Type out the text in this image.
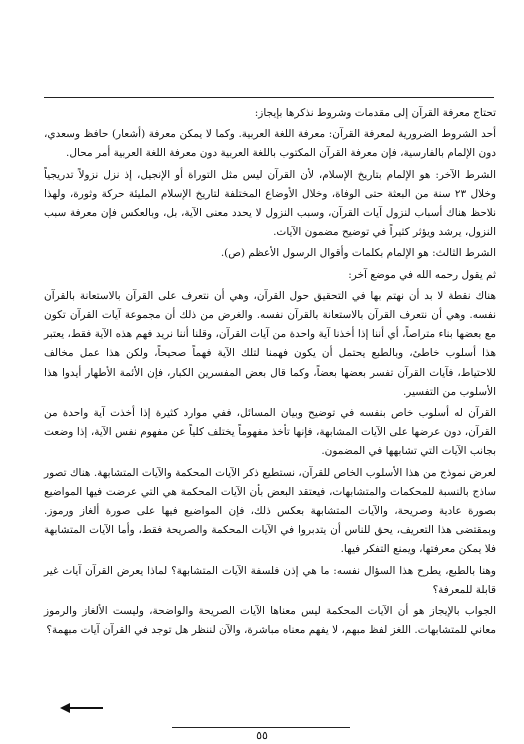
تحتاج معرفة القرآن إلى مقدمات وشروط نذكرها بإيجاز:

أحد الشروط الضرورية لمعرفة القرآن: معرفة اللغة العربية. وكما لا يمكن معرفة (أشعار) حافظ وسعدي، دون الإلمام بالفارسية، فإن معرفة القرآن المكتوب باللغة العربية دون معرفة اللغة العربية أمر محال.

الشرط الآخر: هو الإلمام بتاريخ الإسلام، لأن القرآن ليس مثل التوراة أو الإنجيل، إذ نزل نزولاً تدريجياً وخلال ٢٣ سنة من البعثة حتى الوفاة، وخلال الأوضاع المختلفة لتاريخ الإسلام المليئة حركة وثورة، ولهذا نلاحظ هناك أسباب لنزول آيات القرآن، وسبب النزول لا يحدد معنى الآية، بل، وبالعكس فإن معرفة سبب النزول، يرشد ويؤثر كثيراً في توضيح مضمون الآيات.

الشرط الثالث: هو الإلمام بكلمات وأقوال الرسول الأعظم (ص).

ثم يقول رحمه الله في موضع آخر:

هناك نقطة لا بد أن نهتم بها في التحقيق حول القرآن، وهي أن نتعرف على القرآن بالاستعانة بالقرآن نفسه. وهي أن نتعرف القرآن بالاستعانة بالقرآن نفسه. والغرض من ذلك أن مجموعة آيات القرآن تكون مع بعضها بناء متراصاً، أي أننا إذا أخذنا آية واحدة من آيات القرآن، وقلنا أننا نريد فهم هذه الآية فقط، يعتبر هذا أسلوب خاطئ، وبالطبع يحتمل أن يكون فهمنا لتلك الآية فهماً صحيحاً، ولكن هذا عمل مخالف للاحتياط، فآيات القرآن تفسر بعضها بعضاً، وكما قال بعض المفسرين الكبار، فإن الأئمة الأطهار أيدوا هذا الأسلوب من التفسير.

القرآن له أسلوب خاص بنفسه في توضيح وبيان المسائل، ففي موارد كثيرة إذا أخذت آية واحدة من القرآن، دون عرضها على الآيات المشابهة، فإنها تأخذ مفهوماً يختلف كلياً عن مفهوم نفس الآية، إذا وضعت بجانب الآيات التي تشابهها في المضمون.

لعرض نموذج من هذا الأسلوب الخاص للقرآن، نستطيع ذكر الآيات المحكمة والآيات المتشابهة. هناك تصور ساذج بالنسبة للمحكمات والمتشابهات، فيعتقد البعض بأن الآيات المحكمة هي التي عرضت فيها المواضيع بصورة عادية وصريحة، والآيات المتشابهة بعكس ذلك، فإن المواضيع فيها على صورة ألغاز ورموز. وبمقتضى هذا التعريف، يحق للناس أن يتدبروا في الآيات المحكمة والصريحة فقط، وأما الآيات المتشابهة فلا يمكن معرفتها، ويمنع التفكر فيها.

وهنا بالطبع، يطرح هذا السؤال نفسه: ما هي إذن فلسفة الآيات المتشابهة؟ لماذا يعرض القرآن آيات غير قابلة للمعرفة؟

الجواب بالإيجاز هو أن الآيات المحكمة ليس معناها الآيات الصريحة والواضحة، وليست الألغاز والرموز معاني للمتشابهات. اللغز لفظ مبهم، لا يفهم معناه مباشرة، والآن لننظر هل توجد في القرآن آيات مبهمة؟

٥٥
